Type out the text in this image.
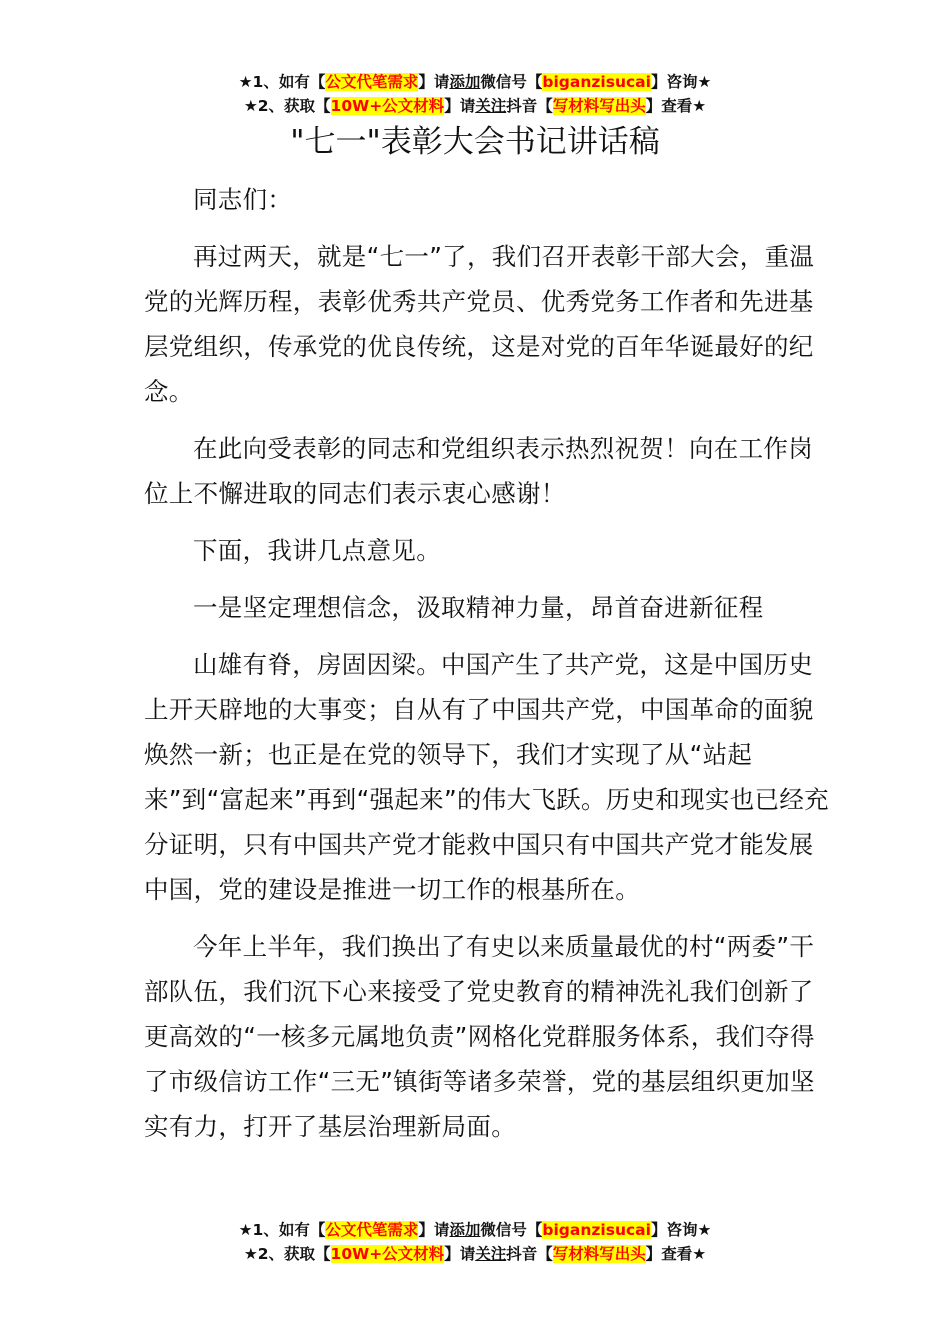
★1、如有【公文代笔需求】请添加微信号【biganzisucai】咨询★
★2、获取【10W+公文材料】请关注抖音【写材料写出头】查看★
"七一"表彰大会书记讲话稿

同志们：

再过两天，就是“七一”了，我们召开表彰干部大会，重温党的光辉历程，表彰优秀共产党员、优秀党务工作者和先进基层党组织，传承党的优良传统，这是对党的百年华诞最好的纪念。

在此向受表彰的同志和党组织表示热烈祝贺！向在工作岗位上不懈进取的同志们表示衷心感谢！

下面，我讲几点意见。

一是坚定理想信念，汲取精神力量，昂首奋进新征程

山雄有脊，房固因梁。中国产生了共产党，这是中国历史上开天辟地的大事变；自从有了中国共产党，中国革命的面貌焕然一新；也正是在党的领导下，我们才实现了从“站起来”到“富起来”再到“强起来”的伟大飞跃。历史和现实也已经充分证明，只有中国共产党才能救中国只有中国共产党才能发展中国，党的建设是推进一切工作的根基所在。

今年上半年，我们换出了有史以来质量最优的村“两委”干部队伍，我们沉下心来接受了党史教育的精神洗礼我们创新了更高效的“一核多元属地负责”网格化党群服务体系，我们夺得了市级信访工作“三无”镇街等诸多荣誉，党的基层组织更加坚实有力，打开了基层治理新局面。

★1、如有【公文代笔需求】请添加微信号【biganzisucai】咨询★
★2、获取【10W+公文材料】请关注抖音【写材料写出头】查看★
